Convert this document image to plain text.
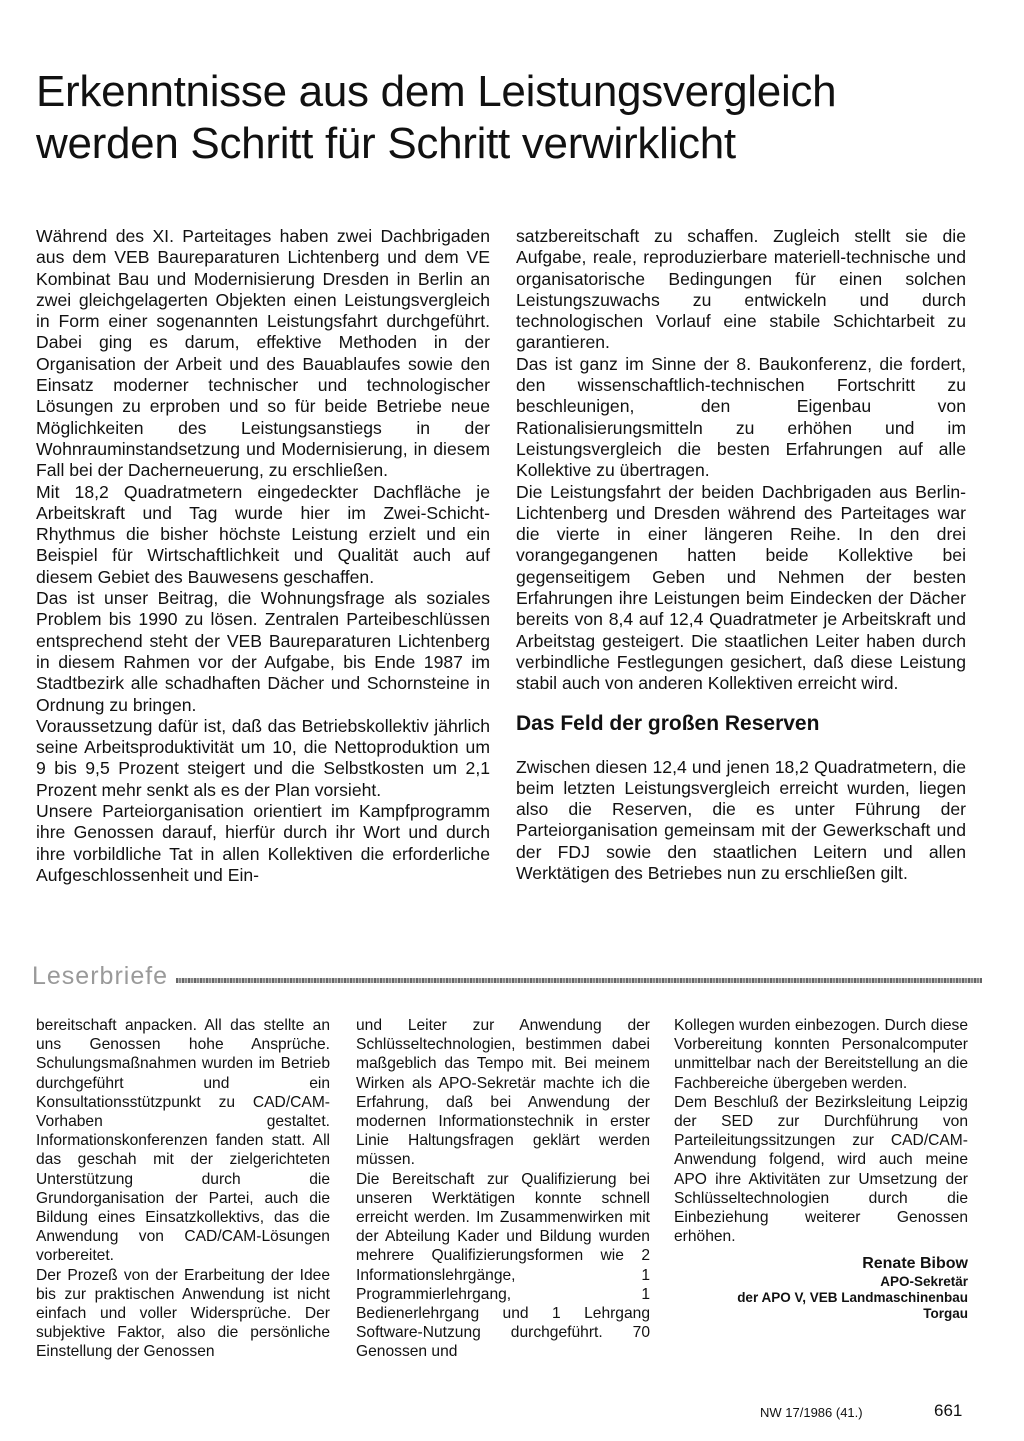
Erkenntnisse aus dem Leistungsvergleich
werden Schritt für Schritt verwirklicht

Während des XI. Parteitages haben zwei Dachbrigaden aus dem VEB Baureparaturen Lichtenberg und dem VE Kombinat Bau und Modernisierung Dresden in Berlin an zwei gleichgelagerten Objekten einen Leistungsvergleich in Form einer sogenannten Leistungsfahrt durchgeführt. Dabei ging es darum, effektive Methoden in der Organisation der Arbeit und des Bauablaufes sowie den Einsatz moderner technischer und technologischer Lösungen zu erproben und so für beide Betriebe neue Möglichkeiten des Leistungsanstiegs in der Wohnrauminstandsetzung und Modernisierung, in diesem Fall bei der Dacherneuerung, zu erschließen.

Mit 18,2 Quadratmetern eingedeckter Dachfläche je Arbeitskraft und Tag wurde hier im Zwei-Schicht-Rhythmus die bisher höchste Leistung erzielt und ein Beispiel für Wirtschaftlichkeit und Qualität auch auf diesem Gebiet des Bauwesens geschaffen.

Das ist unser Beitrag, die Wohnungsfrage als soziales Problem bis 1990 zu lösen. Zentralen Parteibeschlüssen entsprechend steht der VEB Baureparaturen Lichtenberg in diesem Rahmen vor der Aufgabe, bis Ende 1987 im Stadtbezirk alle schadhaften Dächer und Schornsteine in Ordnung zu bringen.

Voraussetzung dafür ist, daß das Betriebskollektiv jährlich seine Arbeitsproduktivität um 10, die Nettoproduktion um 9 bis 9,5 Prozent steigert und die Selbstkosten um 2,1 Prozent mehr senkt als es der Plan vorsieht.

Unsere Parteiorganisation orientiert im Kampfprogramm ihre Genossen darauf, hierfür durch ihr Wort und durch ihre vorbildliche Tat in allen Kollektiven die erforderliche Aufgeschlossenheit und Ein-

satzbereitschaft zu schaffen. Zugleich stellt sie die Aufgabe, reale, reproduzierbare materiell-technische und organisatorische Bedingungen für einen solchen Leistungszuwachs zu entwickeln und durch technologischen Vorlauf eine stabile Schichtarbeit zu garantieren.

Das ist ganz im Sinne der 8. Baukonferenz, die fordert, den wissenschaftlich-technischen Fortschritt zu beschleunigen, den Eigenbau von Rationalisierungsmitteln zu erhöhen und im Leistungsvergleich die besten Erfahrungen auf alle Kollektive zu übertragen.

Die Leistungsfahrt der beiden Dachbrigaden aus Berlin-Lichtenberg und Dresden während des Parteitages war die vierte in einer längeren Reihe. In den drei vorangegangenen hatten beide Kollektive bei gegenseitigem Geben und Nehmen der besten Erfahrungen ihre Leistungen beim Eindecken der Dächer bereits von 8,4 auf 12,4 Quadratmeter je Arbeitskraft und Arbeitstag gesteigert. Die staatlichen Leiter haben durch verbindliche Festlegungen gesichert, daß diese Leistung stabil auch von anderen Kollektiven erreicht wird.

Das Feld der großen Reserven

Zwischen diesen 12,4 und jenen 18,2 Quadratmetern, die beim letzten Leistungsvergleich erreicht wurden, liegen also die Reserven, die es unter Führung der Parteiorganisation gemeinsam mit der Gewerkschaft und der FDJ sowie den staatlichen Leitern und allen Werktätigen des Betriebes nun zu erschließen gilt.

Leserbriefe

bereitschaft anpacken. All das stellte an uns Genossen hohe Ansprüche. Schulungsmaßnahmen wurden im Betrieb durchgeführt und ein Konsultationsstützpunkt zu CAD/CAM-Vorhaben gestaltet. Informationskonferenzen fanden statt. All das geschah mit der zielgerichteten Unterstützung durch die Grundorganisation der Partei, auch die Bildung eines Einsatzkollektivs, das die Anwendung von CAD/CAM-Lösungen vorbereitet.

Der Prozeß von der Erarbeitung der Idee bis zur praktischen Anwendung ist nicht einfach und voller Widersprüche. Der subjektive Faktor, also die persönliche Einstellung der Genossen

und Leiter zur Anwendung der Schlüsseltechnologien, bestimmen dabei maßgeblich das Tempo mit. Bei meinem Wirken als APO-Sekretär machte ich die Erfahrung, daß bei Anwendung der modernen Informationstechnik in erster Linie Haltungsfragen geklärt werden müssen.

Die Bereitschaft zur Qualifizierung bei unseren Werktätigen konnte schnell erreicht werden. Im Zusammenwirken mit der Abteilung Kader und Bildung wurden mehrere Qualifizierungsformen wie 2 Informationslehrgänge, 1 Programmierlehrgang, 1 Bedienerlehrgang und 1 Lehrgang Software-Nutzung durchgeführt. 70 Genossen und

Kollegen wurden einbezogen. Durch diese Vorbereitung konnten Personalcomputer unmittelbar nach der Bereitstellung an die Fachbereiche übergeben werden.

Dem Beschluß der Bezirksleitung Leipzig der SED zur Durchführung von Parteileitungssitzungen zur CAD/CAM-Anwendung folgend, wird auch meine APO ihre Aktivitäten zur Umsetzung der Schlüsseltechnologien durch die Einbeziehung weiterer Genossen erhöhen.

Renate Bibow
APO-Sekretär
der APO V, VEB Landmaschinenbau
Torgau
NW 17/1986 (41.)	661
